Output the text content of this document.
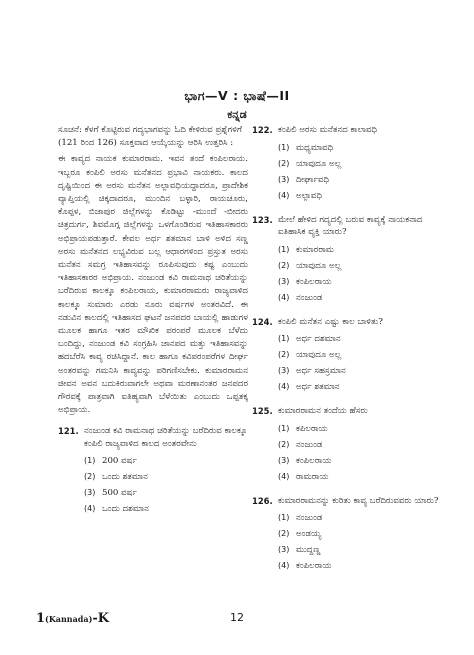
ಭಾಗ—V : ಭಾಷೆ—II
ಕನ್ನಡ
ಸೂಚನೆ: ಕೆಳಗೆ ಕೊಟ್ಟಿರುವ ಗದ್ಯಭಾಗವನ್ನು ಓದಿ ಕೇಳಿರುವ ಪ್ರಶ್ನೆಗಳಿಗೆ (121 ರಿಂದ 126) ಸೂಕ್ತವಾದ ಆಯ್ಕೆಯನ್ನು ಆರಿಸಿ ಉತ್ತರಿಸಿ :
ಈ ಕಾವ್ಯದ ನಾಯಕ ಕುಮಾರರಾಮ. ಇವನ ತಂದೆ ಕಂಪಿಲರಾಯ. ಇಬ್ಬರೂ ಕಂಪಿಲಿ ಅರಸು ಮನೆತನದ ಪ್ರಭಾವಿ ನಾಯಕರು. ಕಾಲದ ದೃಷ್ಟಿಯಿಂದ ಈ ಅರಸು ಮನೆತನ ಅಲ್ಪಾವಧಿಯದ್ದಾದರೂ, ಪ್ರಾದೇಶಿಕ ವ್ಯಾಪ್ತಿಯಲ್ಲಿ ಚಿಕ್ಕದಾದರೂ, ಮುಂದಿನ ಬಳ್ಳಾರಿ, ರಾಯಚೂರು, ಕೊಪ್ಪಳ, ಬಿಜಾಪುರ ಜಿಲ್ಲೆಗಳನ್ನು ಕೊಡಿಟ್ಟು -ಮುಂದೆ -ಬೀದರು ಚಿತ್ರದುರ್ಗ, ಶಿವಮೊಗ್ಗ ಜಿಲ್ಲೆಗಳನ್ನು ಒಳಗೊಂಡಿರುವ ಇತಿಹಾಸಕಾರರು ಅಭಿಪ್ರಾಯಪಡುತ್ತಾರೆ. ಕೇವಲ ಅರ್ಧ ಶತಮಾನ ಬಾಳಿ ಅಳಿದ ಸಣ್ಣ ಅರಸು ಮನೆತನದ ಲಭ್ಯವಿರುವ ಬಲ್ಲ ಆಧಾರಗಳಿಂದ ಪ್ರಸ್ತುತ ಅರಸು ಮನೆತನ ಸಮಗ್ರ ಇತಿಹಾಸವನ್ನು ರೂಪಿಸುವುದು ಕಷ್ಟ ಎಂಬುದು ಇತಿಹಾಸಕಾರರ ಅಭಿಪ್ರಾಯ. ನಂಜುಂಡ ಕವಿ ರಾಮನಾಥ ಚರಿತೆಯನ್ನು ಬರೆದಿರುವ ಕಾಲಕ್ಕೂ ಕಂಪಿಲರಾಯ, ಕುಮಾರರಾಮರು ರಾಜ್ಯವಾಳಿದ ಕಾಲಕ್ಕೂ ಸುಮಾರು ಎರಡು ನೂರು ವರ್ಷಗಳ ಅಂತರವಿದೆ. ಈ ನಡುವಿನ ಕಾಲದಲ್ಲಿ ಇತಿಹಾಸದ ಘಟನೆ ಜನಪದರ ಬಾಯಲ್ಲಿ ಹಾಡುಗಳ ಮೂಲಕ ಹಾಗೂ ಇತರ ಮೌಖಿಕ ಪರಂಪರೆ ಮೂಲಕ ಬೆಳೆದು ಬಂದಿದ್ದು, ನಂಜುಂಡ ಕವಿ ಸಂಗ್ರಹಿಸಿ ಜಾನಪದ ಮತ್ತು ಇತಿಹಾಸವನ್ನು ಹದಬೆರೆಸಿ ಕಾವ್ಯ ರಚಿಸಿದ್ದಾನೆ. ಕಾಲ ಹಾಗೂ ಕವಿಪರಂಪರೆಗಳ ದೀರ್ಘ ಅಂತರವನ್ನು ಗಮನಿಸಿ ಕಾವ್ಯವನ್ನು ಪರಿಗಣಿಸಬೇಕು. ಕುಮಾರರಾಮನ ಜೀವನ ಅವನ ಬದುಕಿರುವಾಗಲೇ ಅಥವಾ ಮರಣಾನಂತರ ಜನಪದರ ಗೌರವಕ್ಕೆ ಪಾತ್ರವಾಗಿ ಐತಿಹ್ಯವಾಗಿ ಬೆಳೆಯಿತು ಎಂಬುದು ಒಪ್ಪತಕ್ಕ ಅಭಿಪ್ರಾಯ.
121. ನಂಜುಂಡ ಕವಿ ರಾಮನಾಥ ಚರಿತೆಯನ್ನು ಬರೆದಿರುವ ಕಾಲಕ್ಕೂ ಕಂಪಿಲಿ ರಾಜ್ಯವಾಳಿದ ಕಾಲದ ಅಂತರವೇನು
(1) 200 ವರ್ಷ
(2) ಒಂದು ಶತಮಾನ
(3) 500 ವರ್ಷ
(4) ಒಂದು ದಶಮಾನ
122. ಕಂಪಿಲಿ ಅರಸು ಮನೆತನದ ಕಾಲಾವಧಿ
(1) ಮಧ್ಯಮಾವಧಿ
(2) ಯಾವುದೂ ಅಲ್ಲ
(3) ದೀರ್ಘಾವಧಿ
(4) ಅಲ್ಪಾವಧಿ
123. ಮೇಲೆ ಹೇಳಿದ ಗದ್ಯದಲ್ಲಿ ಬರುವ ಕಾವ್ಯಕ್ಕೆ ನಾಯಕನಾದ ಐತಿಹಾಸಿಕ ವ್ಯಕ್ತಿ ಯಾರು?
(1) ಕುಮಾರರಾಮ
(2) ಯಾವುದೂ ಅಲ್ಲ
(3) ಕಂಪಿಲರಾಯ
(4) ನಂಜುಂಡ
124. ಕಂಪಿಲಿ ಮನೆತನ ಎಷ್ಟು ಕಾಲ ಬಾಳಿತು?
(1) ಅರ್ಧ ದಶಮಾನ
(2) ಯಾವುದೂ ಅಲ್ಲ
(3) ಅರ್ಧ ಸಹಸ್ರಮಾನ
(4) ಅರ್ಧ ಶತಮಾನ
125. ಕುಮಾರರಾಮನ ತಂದೆಯ ಹೆಸರು
(1) ಕಪಿಲರಾಯ
(2) ನಂಜುಂಡ
(3) ಕಂಪಿಲರಾಯ
(4) ರಾಮರಾಯ
126. ಕುಮಾರರಾಮನನ್ನು ಕುರಿತು ಕಾವ್ಯ ಬರೆದಿರುವವರು ಯಾರು?
(1) ನಂಜುಂಡ
(2) ಅಂಡಯ್ಯ
(3) ಮುದ್ದಣ್ಣ
(4) ಕಂಪಿಲರಾಯ
1(Kannada)-K	12
